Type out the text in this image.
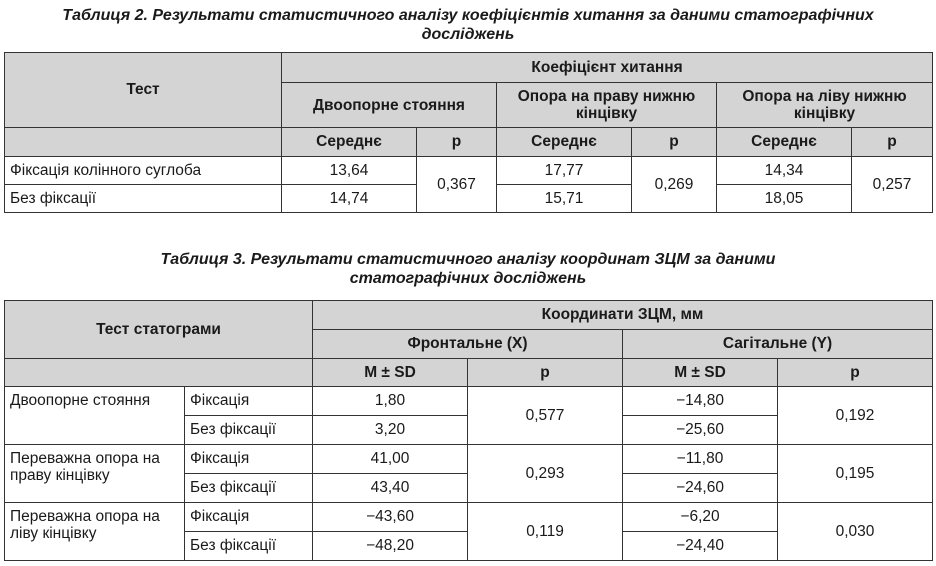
Таблиця 2. Результати статистичного аналізу коефіцієнтів хитання за даними статографічних
досліджень
Тест	Коефіцієнт хитання					
	Двоопорне стояння		Опора на праву нижню кінцівку		Опора на ліву нижню кінцівку	
	Середнє	р	Середнє	р	Середнє	р
Фіксація колінного суглоба	13,64	0,367	17,77	0,269	14,34	0,257
Без фіксації	14,74		15,71		18,05	
Таблиця 3. Результати статистичного аналізу координат ЗЦМ за даними
статографічних досліджень
Тест статограми		Координати ЗЦМ, мм			
		Фронтальне (X)		Сагітальне (Y)	
		M ± SD	р	M ± SD	р
Двоопорне стояння	Фіксація	1,80	0,577	−14,80	0,192
	Без фіксації	3,20		−25,60	
Переважна опора на праву кінцівку	Фіксація	41,00	0,293	−11,80	0,195
	Без фіксації	43,40		−24,60	
Переважна опора на ліву кінцівку	Фіксація	−43,60	0,119	−6,20	0,030
	Без фіксації	−48,20		−24,40	
